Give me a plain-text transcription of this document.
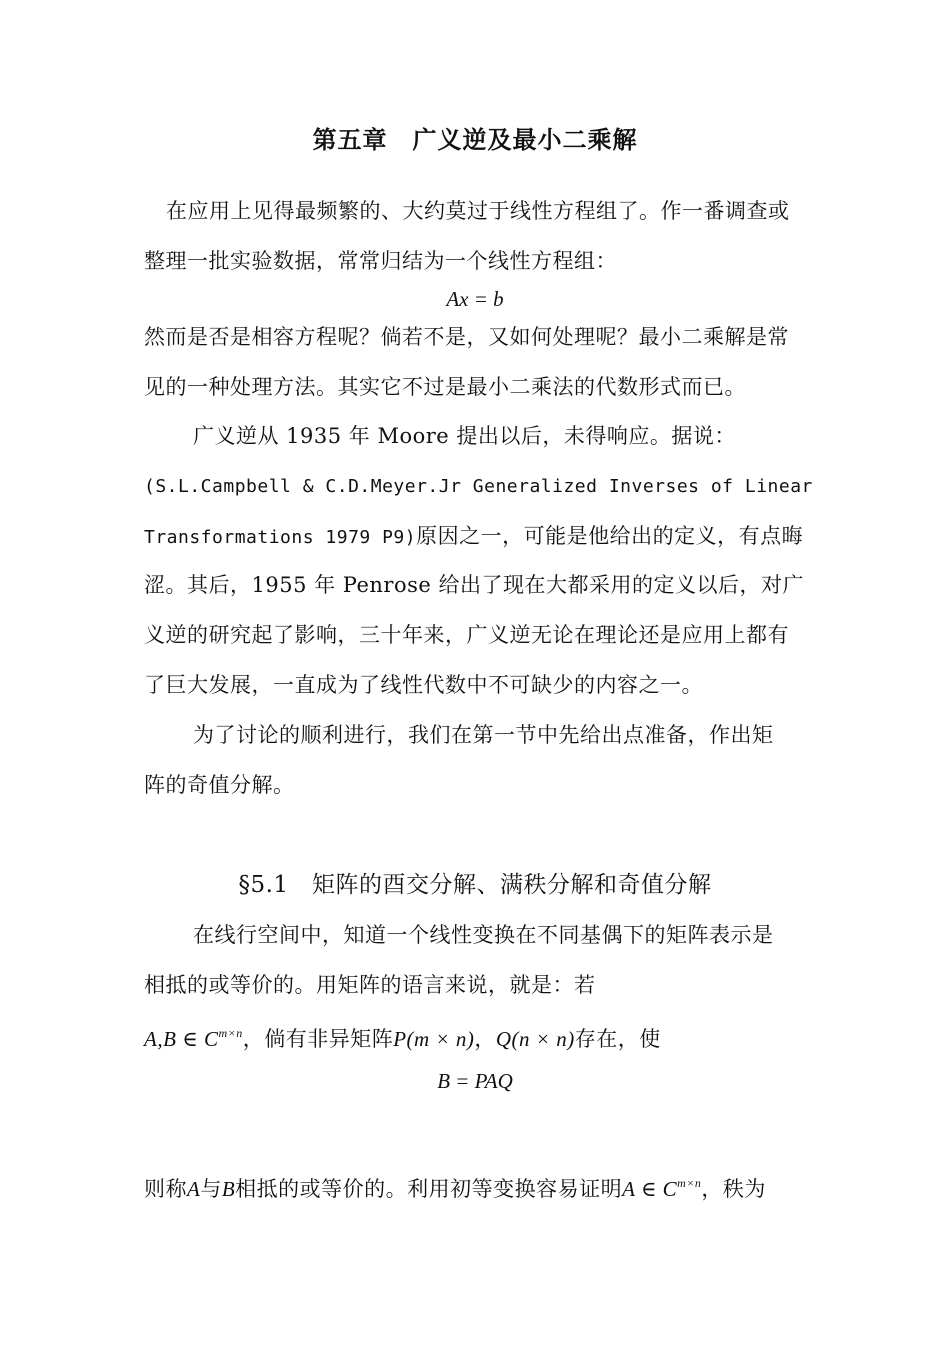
第五章　广义逆及最小二乘解
在应用上见得最频繁的、大约莫过于线性方程组了。作一番调查或
整理一批实验数据，常常归结为一个线性方程组：
Ax = b
然而是否是相容方程呢？倘若不是，又如何处理呢？最小二乘解是常
见的一种处理方法。其实它不过是最小二乘法的代数形式而已。
广义逆从 1935 年 Moore 提出以后，未得响应。据说：
(S.L.Campbell & C.D.Meyer.Jr Generalized Inverses of Linear
Transformations 1979 P9)原因之一，可能是他给出的定义，有点晦
涩。其后，1955 年 Penrose 给出了现在大都采用的定义以后，对广
义逆的研究起了影响，三十年来，广义逆无论在理论还是应用上都有
了巨大发展，一直成为了线性代数中不可缺少的内容之一。
为了讨论的顺利进行，我们在第一节中先给出点准备，作出矩
阵的奇值分解。
§5.1　矩阵的酉交分解、满秩分解和奇值分解
在线行空间中，知道一个线性变换在不同基偶下的矩阵表示是
相抵的或等价的。用矩阵的语言来说，就是：若
A,B ∈ $C^{m\times n}$，倘有非异矩阵P(m × n)，Q(n × n)存在，使
B = PAQ
则称A与B相抵的或等价的。利用初等变换容易证明A ∈ $C^{m\times n}$，秩为
